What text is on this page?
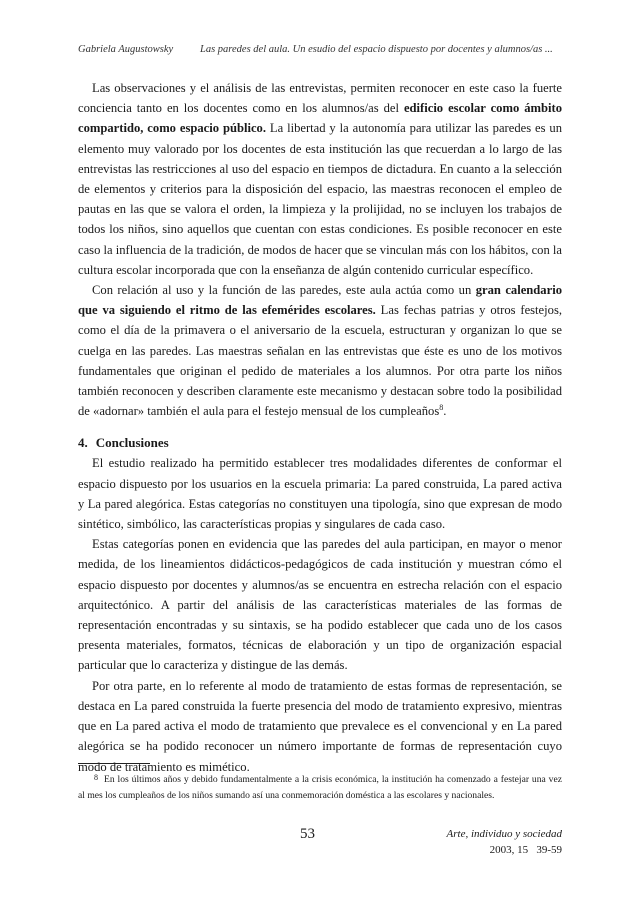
Gabriela Augustowsky	Las paredes del aula. Un esudio del espacio dispuesto por docentes y alumnos/as ...

Las observaciones y el análisis de las entrevistas, permiten reconocer en este caso la fuerte conciencia tanto en los docentes como en los alumnos/as del edificio escolar como ámbito compartido, como espacio público. La libertad y la autonomía para utilizar las paredes es un elemento muy valorado por los docentes de esta institución las que recuerdan a lo largo de las entrevistas las restricciones al uso del espacio en tiempos de dictadura. En cuanto a la selección de elementos y criterios para la disposición del espacio, las maestras reconocen el empleo de pautas en las que se valora el orden, la limpieza y la prolijidad, no se incluyen los trabajos de todos los niños, sino aquellos que cuentan con estas condiciones. Es posible reconocer en este caso la influencia de la tradición, de modos de hacer que se vinculan más con los hábitos, con la cultura escolar incorporada que con la enseñanza de algún contenido curricular específico.

Con relación al uso y la función de las paredes, este aula actúa como un gran calendario que va siguiendo el ritmo de las efemérides escolares. Las fechas patrias y otros festejos, como el día de la primavera o el aniversario de la escuela, estructuran y organizan lo que se cuelga en las paredes. Las maestras señalan en las entrevistas que éste es uno de los motivos fundamentales que originan el pedido de materiales a los alumnos. Por otra parte los niños también reconocen y describen claramente este mecanismo y destacan sobre todo la posibilidad de «adornar» también el aula para el festejo mensual de los cumpleaños$^8$.

4. Conclusiones

El estudio realizado ha permitido establecer tres modalidades diferentes de conformar el espacio dispuesto por los usuarios en la escuela primaria: La pared construida, La pared activa y La pared alegórica. Estas categorías no constituyen una tipología, sino que expresan de modo sintético, simbólico, las características propias y singulares de cada caso.

Estas categorías ponen en evidencia que las paredes del aula participan, en mayor o menor medida, de los lineamientos didácticos-pedagógicos de cada institución y muestran cómo el espacio dispuesto por docentes y alumnos/as se encuentra en estrecha relación con el espacio arquitectónico. A partir del análisis de las características materiales de las formas de representación encontradas y su sintaxis, se ha podido establecer que cada uno de los casos presenta materiales, formatos, técnicas de elaboración y un tipo de organización espacial particular que lo caracteriza y distingue de las demás.

Por otra parte, en lo referente al modo de tratamiento de estas formas de representación, se destaca en La pared construida la fuerte presencia del modo de tratamiento expresivo, mientras que en La pared activa el modo de tratamiento que prevalece es el convencional y en La pared alegórica se ha podido reconocer un número importante de formas de representación cuyo modo de tratamiento es mimético.

8 En los últimos años y debido fundamentalmente a la crisis económica, la institución ha comenzado a festejar una vez al mes los cumpleaños de los niños sumando así una conmemoración doméstica a las escolares y nacionales.
53	Arte, individuo y sociedad
2003, 15   39-59
